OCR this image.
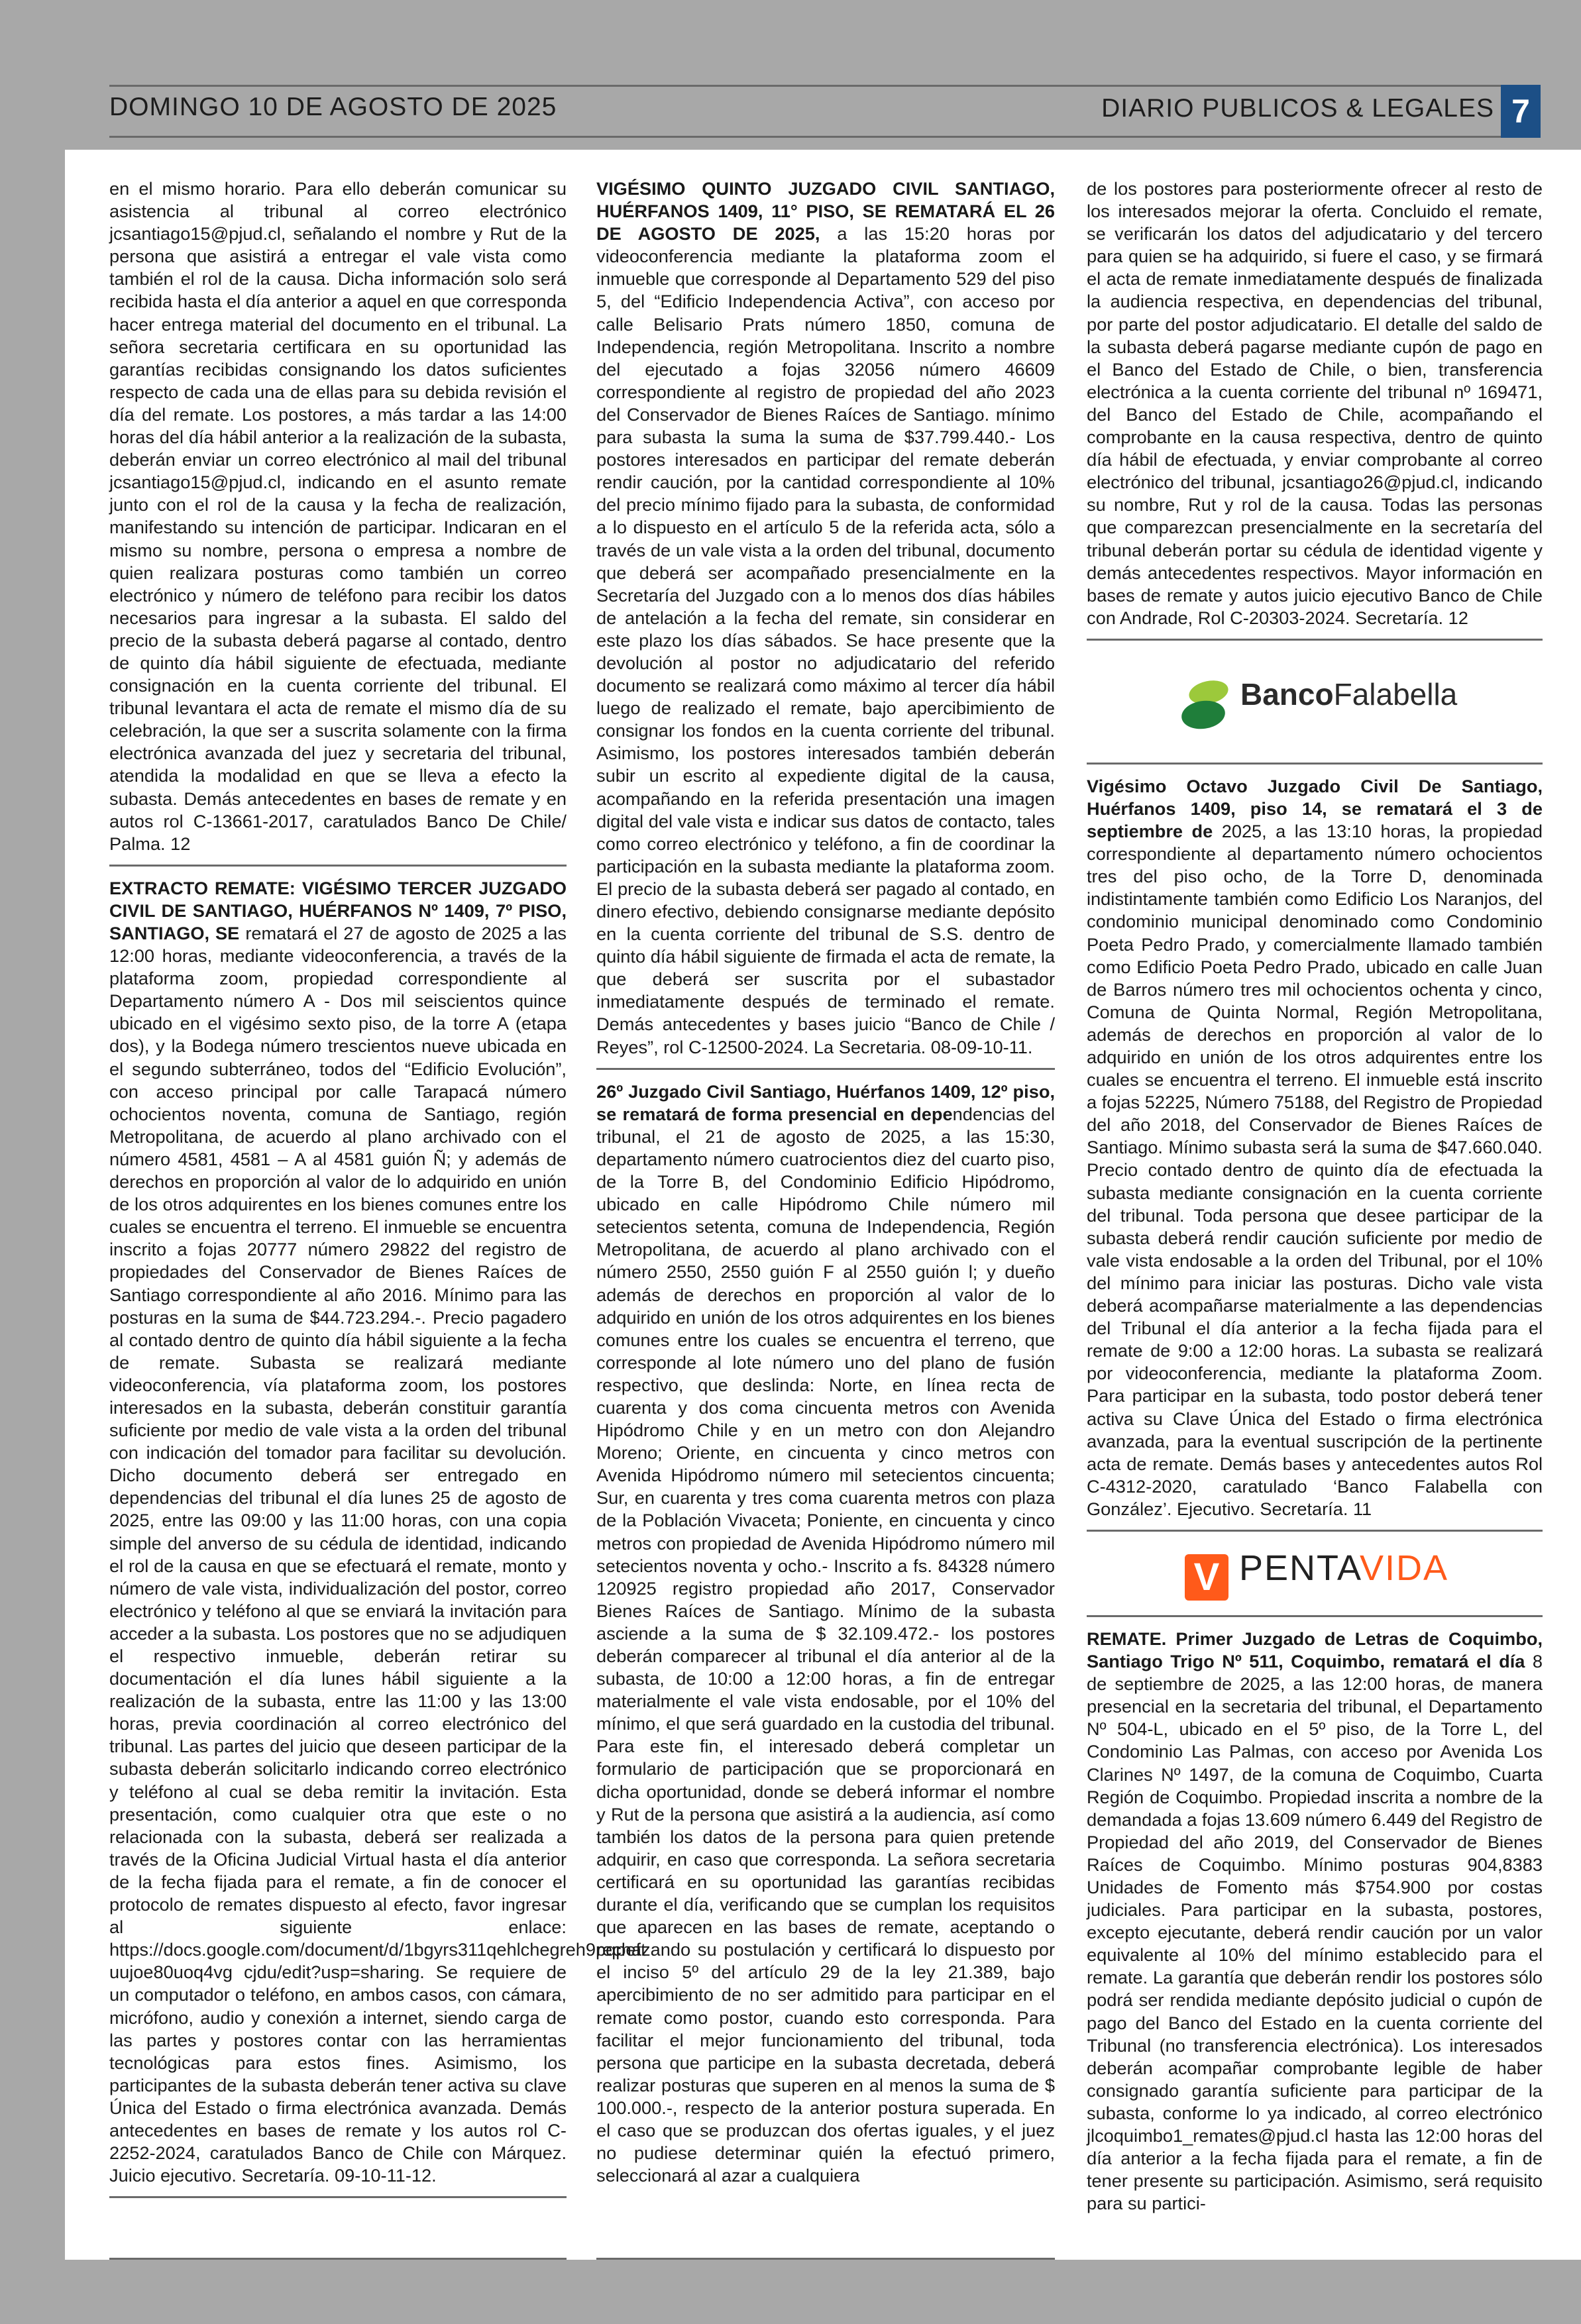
DOMINGO 10 DE AGOSTO DE 2025	DIARIO PUBLICOS & LEGALES 7

en el mismo horario. Para ello deberán comunicar su asistencia al tribunal al correo electrónico jcsantiago15@pjud.cl, señalando el nombre y Rut de la persona que asistirá a entregar el vale vista como también el rol de la causa. Dicha información solo será recibida hasta el día anterior a aquel en que corresponda hacer entrega material del documento en el tribunal. La señora secretaria certificara en su oportunidad las garantías recibidas consignando los datos suficientes respecto de cada una de ellas para su debida revisión el día del remate. Los postores, a más tardar a las 14:00 horas del día hábil anterior a la realización de la subasta, deberán enviar un correo electrónico al mail del tribunal jcsantiago15@pjud.cl, indicando en el asunto remate junto con el rol de la causa y la fecha de realización, manifestando su intención de participar. Indicaran en el mismo su nombre, persona o empresa a nombre de quien realizara posturas como también un correo electrónico y número de teléfono para recibir los datos necesarios para ingresar a la subasta. El saldo del precio de la subasta deberá pagarse al contado, dentro de quinto día hábil siguiente de efectuada, mediante consignación en la cuenta corriente del tribunal. El tribunal levantara el acta de remate el mismo día de su celebración, la que ser a suscrita solamente con la firma electrónica avanzada del juez y secretaria del tribunal, atendida la modalidad en que se lleva a efecto la subasta. Demás antecedentes en bases de remate y en autos rol C-13661-2017, caratulados Banco De Chile/ Palma. 12

EXTRACTO REMATE: VIGÉSIMO TERCER JUZGADO CIVIL DE SANTIAGO, HUÉRFANOS Nº 1409, 7º PISO, SANTIAGO, SE rematará el 27 de agosto de 2025 a las 12:00 horas, mediante videoconferencia, a través de la plataforma zoom, propiedad correspondiente al Departamento número A - Dos mil seiscientos quince ubicado en el vigésimo sexto piso, de la torre A (etapa dos), y la Bodega número trescientos nueve ubicada en el segundo subterráneo, todos del “Edificio Evolución”, con acceso principal por calle Tarapacá número ochocientos noventa, comuna de Santiago, región Metropolitana, de acuerdo al plano archivado con el número 4581, 4581 – A al 4581 guión Ñ; y además de derechos en proporción al valor de lo adquirido en unión de los otros adquirentes en los bienes comunes entre los cuales se encuentra el terreno. El inmueble se encuentra inscrito a fojas 20777 número 29822 del registro de propiedades del Conservador de Bienes Raíces de Santiago correspondiente al año 2016. Mínimo para las posturas en la suma de $44.723.294.-. Precio pagadero al contado dentro de quinto día hábil siguiente a la fecha de remate. Subasta se realizará mediante videoconferencia, vía plataforma zoom, los postores interesados en la subasta, deberán constituir garantía suficiente por medio de vale vista a la orden del tribunal con indicación del tomador para facilitar su devolución. Dicho documento deberá ser entregado en dependencias del tribunal el día lunes 25 de agosto de 2025, entre las 09:00 y las 11:00 horas, con una copia simple del anverso de su cédula de identidad, indicando el rol de la causa en que se efectuará el remate, monto y número de vale vista, individualización del postor, correo electrónico y teléfono al que se enviará la invitación para acceder a la subasta. Los postores que no se adjudiquen el respectivo inmueble, deberán retirar su documentación el día lunes hábil siguiente a la realización de la subasta, entre las 11:00 y las 13:00 horas, previa coordinación al correo electrónico del tribunal. Las partes del juicio que deseen participar de la subasta deberán solicitarlo indicando correo electrónico y teléfono al cual se deba remitir la invitación. Esta presentación, como cualquier otra que este o no relacionada con la subasta, deberá ser realizada a través de la Oficina Judicial Virtual hasta el día anterior de la fecha fijada para el remate, a fin de conocer el protocolo de remates dispuesto al efecto, favor ingresar al siguiente enlace: https://docs.google.com/document/d/1bgyrs311qehlchegreh9pqpeft uujoe80uoq4vg cjdu/edit?usp=sharing. Se requiere de un computador o teléfono, en ambos casos, con cámara, micrófono, audio y conexión a internet, siendo carga de las partes y postores contar con las herramientas tecnológicas para estos fines. Asimismo, los participantes de la subasta deberán tener activa su clave Única del Estado o firma electrónica avanzada. Demás antecedentes en bases de remate y los autos rol C-2252-2024, caratulados Banco de Chile con Márquez. Juicio ejecutivo. Secretaría. 09-10-11-12.

VIGÉSIMO QUINTO JUZGADO CIVIL SANTIAGO, HUÉRFANOS 1409, 11° PISO, SE REMATARÁ EL 26 DE AGOSTO DE 2025, a las 15:20 horas por videoconferencia mediante la plataforma zoom el inmueble que corresponde al Departamento 529 del piso 5, del “Edificio Independencia Activa”, con acceso por calle Belisario Prats número 1850, comuna de Independencia, región Metropolitana. Inscrito a nombre del ejecutado a fojas 32056 número 46609 correspondiente al registro de propiedad del año 2023 del Conservador de Bienes Raíces de Santiago. mínimo para subasta la suma la suma de $37.799.440.- Los postores interesados en participar del remate deberán rendir caución, por la cantidad correspondiente al 10% del precio mínimo fijado para la subasta, de conformidad a lo dispuesto en el artículo 5 de la referida acta, sólo a través de un vale vista a la orden del tribunal, documento que deberá ser acompañado presencialmente en la Secretaría del Juzgado con a lo menos dos días hábiles de antelación a la fecha del remate, sin considerar en este plazo los días sábados. Se hace presente que la devolución al postor no adjudicatario del referido documento se realizará como máximo al tercer día hábil luego de realizado el remate, bajo apercibimiento de consignar los fondos en la cuenta corriente del tribunal. Asimismo, los postores interesados también deberán subir un escrito al expediente digital de la causa, acompañando en la referida presentación una imagen digital del vale vista e indicar sus datos de contacto, tales como correo electrónico y teléfono, a fin de coordinar la participación en la subasta mediante la plataforma zoom. El precio de la subasta deberá ser pagado al contado, en dinero efectivo, debiendo consignarse mediante depósito en la cuenta corriente del tribunal de S.S. dentro de quinto día hábil siguiente de firmada el acta de remate, la que deberá ser suscrita por el subastador inmediatamente después de terminado el remate. Demás antecedentes y bases juicio “Banco de Chile / Reyes”, rol C-12500-2024. La Secretaria. 08-09-10-11.

26º Juzgado Civil Santiago, Huérfanos 1409, 12º piso, se rematará de forma presencial en dependencias del tribunal, el 21 de agosto de 2025, a las 15:30, departamento número cuatrocientos diez del cuarto piso, de la Torre B, del Condominio Edificio Hipódromo, ubicado en calle Hipódromo Chile número mil setecientos setenta, comuna de Independencia, Región Metropolitana, de acuerdo al plano archivado con el número 2550, 2550 guión F al 2550 guión l; y dueño además de derechos en proporción al valor de lo adquirido en unión de los otros adquirentes en los bienes comunes entre los cuales se encuentra el terreno, que corresponde al lote número uno del plano de fusión respectivo, que deslinda: Norte, en línea recta de cuarenta y dos coma cincuenta metros con Avenida Hipódromo Chile y en un metro con don Alejandro Moreno; Oriente, en cincuenta y cinco metros con Avenida Hipódromo númerο mil setecientos cincuenta; Sur, en cuarenta y tres coma cuarenta metros con plaza de la Población Vivaceta; Poniente, en cincuenta y cinco metros con propiedad de Avenida Hipódromo número mil setecientos noventa y ocho.- Inscrito a fs. 84328 número 120925 registro propiedad año 2017, Conservador Bienes Raíces de Santiago. Mínimo de la subasta asciende a la suma de $ 32.109.472.- los postores deberán comparecer al tribunal el día anterior al de la subasta, de 10:00 a 12:00 horas, a fin de entregar materialmente el vale vista endosable, por el 10% del mínimo, el que será guardado en la custodia del tribunal. Para este fin, el interesado deberá completar un formulario de participación que se proporcionará en dicha oportunidad, donde se deberá informar el nombre y Rut de la persona que asistirá a la audiencia, así como también los datos de la persona para quien pretende adquirir, en caso que corresponda. La señora secretaria certificará en su oportunidad las garantías recibidas durante el día, verificando que se cumplan los requisitos que aparecen en las bases de remate, aceptando o rechazando su postulación y certificará lo dispuesto por el inciso 5º del artículo 29 de la ley 21.389, bajo apercibimiento de no ser admitido para participar en el remate como postor, cuando esto corresponda. Para facilitar el mejor funcionamiento del tribunal, toda persona que participe en la subasta decretada, deberá realizar posturas que superen en al menos la suma de $ 100.000.-, respecto de la anterior postura superada. En el caso que se produzcan dos ofertas iguales, y el juez no pudiese determinar quién la efectuó primero, seleccionará al azar a cualquiera

de los postores para posteriormente ofrecer al resto de los interesados mejorar la oferta. Concluido el remate, se verificarán los datos del adjudicatario y del tercero para quien se ha adquirido, si fuere el caso, y se firmará el acta de remate inmediatamente después de finalizada la audiencia respectiva, en dependencias del tribunal, por parte del postor adjudicatario. El detalle del saldo de la subasta deberá pagarse mediante cupón de pago en el Banco del Estado de Chile, o bien, transferencia electrónica a la cuenta corriente del tribunal nº 169471, del Banco del Estado de Chile, acompañando el comprobante en la causa respectiva, dentro de quinto día hábil de efectuada, y enviar comprobante al correo electrónico del tribunal, jcsantiago26@pjud.cl, indicando su nombre, Rut y rol de la causa. Todas las personas que comparezcan presencialmente en la secretaría del tribunal deberán portar su cédula de identidad vigente y demás antecedentes respectivos. Mayor información en bases de remate y autos juicio ejecutivo Banco de Chile con Andrade, Rol C-20303-2024. Secretaría. 12

BancoFalabella

Vigésimo Octavo Juzgado Civil De Santiago, Huérfanos 1409, piso 14, se rematará el 3 de septiembre de 2025, a las 13:10 horas, la propiedad correspondiente al departamento número ochocientos tres del piso ocho, de la Torre D, denominada indistintamente también como Edificio Los Naranjos, del condominio municipal denominado como Condominio Poeta Pedro Prado, y comercialmente llamado también como Edificio Poeta Pedro Prado, ubicado en calle Juan de Barros número tres mil ochocientos ochenta y cinco, Comuna de Quinta Normal, Región Metropolitana, además de derechos en proporción al valor de lo adquirido en unión de los otros adquirentes entre los cuales se encuentra el terreno. El inmueble está inscrito a fojas 52225, Número 75188, del Registro de Propiedad del año 2018, del Conservador de Bienes Raíces de Santiago. Mínimo subasta será la suma de $47.660.040. Precio contado dentro de quinto día de efectuada la subasta mediante consignación en la cuenta corriente del tribunal. Toda persona que desee participar de la subasta deberá rendir caución suficiente por medio de vale vista endosable a la orden del Tribunal, por el 10% del mínimo para iniciar las posturas. Dicho vale vista deberá acompañarse materialmente a las dependencias del Tribunal el día anterior a la fecha fijada para el remate de 9:00 a 12:00 horas. La subasta se realizará por videoconferencia, mediante la plataforma Zoom. Para participar en la subasta, todo postor deberá tener activa su Clave Única del Estado o firma electrónica avanzada, para la eventual suscripción de la pertinente acta de remate. Demás bases y antecedentes autos Rol C-4312-2020, caratulado ‘Banco Falabella con González’. Ejecutivo. Secretaría. 11

V PENTAVIDA

REMATE. Primer Juzgado de Letras de Coquimbo, Santiago Trigo Nº 511, Coquimbo, rematará el día 8 de septiembre de 2025, a las 12:00 horas, de manera presencial en la secretaria del tribunal, el Departamento Nº 504-L, ubicado en el 5º piso, de la Torre L, del Condominio Las Palmas, con acceso por Avenida Los Clarines Nº 1497, de la comuna de Coquimbo, Cuarta Región de Coquimbo. Propiedad inscrita a nombre de la demandada a fojas 13.609 número 6.449 del Registro de Propiedad del año 2019, del Conservador de Bienes Raíces de Coquimbo. Mínimo posturas 904,8383 Unidades de Fomento más $754.900 por costas judiciales. Para participar en la subasta, postores, excepto ejecutante, deberá rendir caución por un valor equivalente al 10% del mínimo establecido para el remate. La garantía que deberán rendir los postores sólo podrá ser rendida mediante depósito judicial o cupón de pago del Banco del Estado en la cuenta corriente del Tribunal (no transferencia electrónica). Los interesados deberán acompañar comprobante legible de haber consignado garantía suficiente para participar de la subasta, conforme lo ya indicado, al correo electrónico jlcoquimbo1_remates@pjud.cl hasta las 12:00 horas del día anterior a la fecha fijada para el remate, a fin de tener presente su participación. Asimismo, será requisito para su partici-
